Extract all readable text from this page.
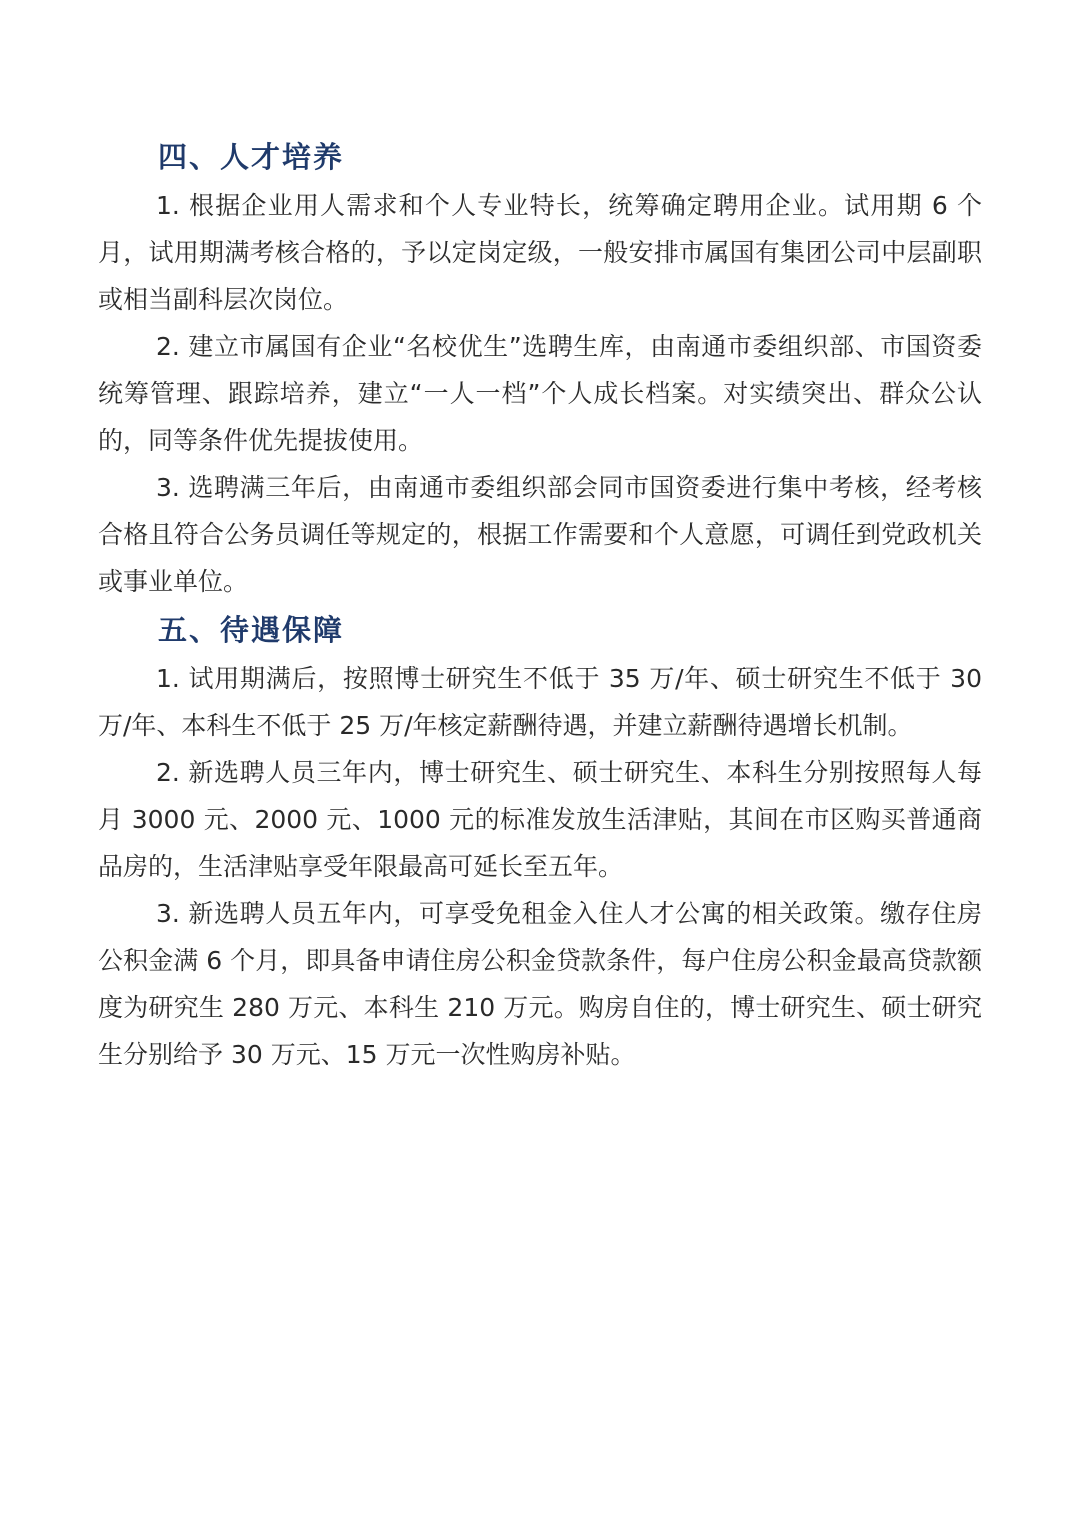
四、人才培养

1. 根据企业用人需求和个人专业特长，统筹确定聘用企业。试用期 6 个月，试用期满考核合格的，予以定岗定级，一般安排市属国有集团公司中层副职或相当副科层次岗位。

2. 建立市属国有企业“名校优生”选聘生库，由南通市委组织部、市国资委统筹管理、跟踪培养，建立“一人一档”个人成长档案。对实绩突出、群众公认的，同等条件优先提拔使用。

3. 选聘满三年后，由南通市委组织部会同市国资委进行集中考核，经考核合格且符合公务员调任等规定的，根据工作需要和个人意愿，可调任到党政机关或事业单位。

五、待遇保障

1. 试用期满后，按照博士研究生不低于 35 万/年、硕士研究生不低于 30 万/年、本科生不低于 25 万/年核定薪酬待遇，并建立薪酬待遇增长机制。

2. 新选聘人员三年内，博士研究生、硕士研究生、本科生分别按照每人每月 3000 元、2000 元、1000 元的标准发放生活津贴，其间在市区购买普通商品房的，生活津贴享受年限最高可延长至五年。

3. 新选聘人员五年内，可享受免租金入住人才公寓的相关政策。缴存住房公积金满 6 个月，即具备申请住房公积金贷款条件，每户住房公积金最高贷款额度为研究生 280 万元、本科生 210 万元。购房自住的，博士研究生、硕士研究生分别给予 30 万元、15 万元一次性购房补贴。
